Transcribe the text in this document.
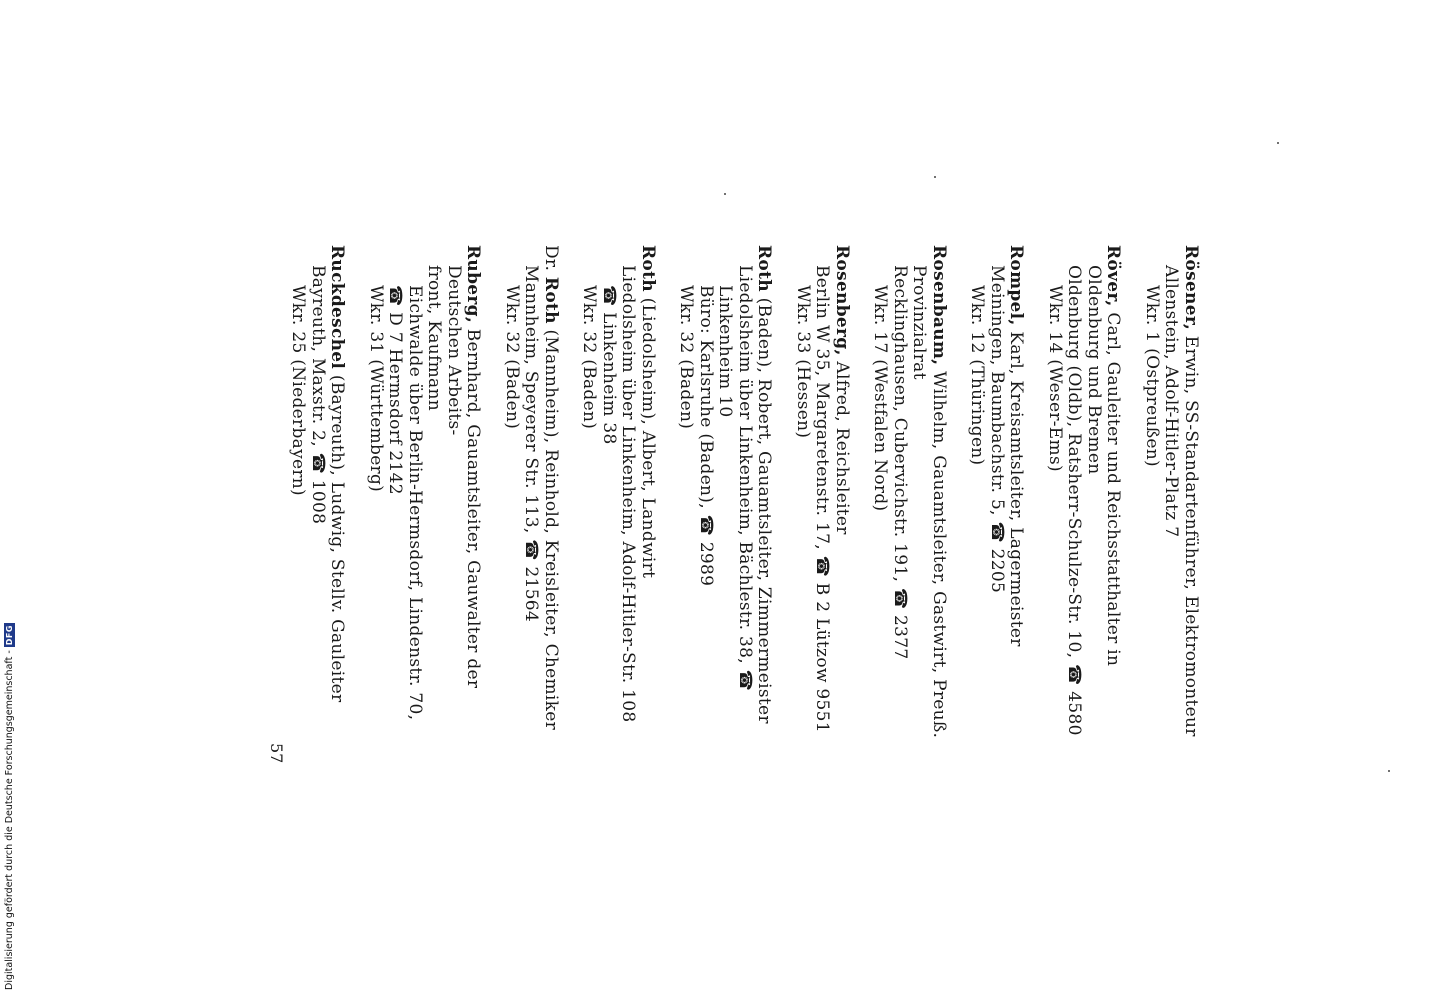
Rösener, Erwin, SS-Standartenführer, Elektromonteur
Allenstein, Adolf-Hitler-Platz 7
Wkr. 1 (Ostpreußen)
Röver, Carl, Gauleiter und Reichsstatthalter in Oldenburg und Bremen
Oldenburg (Oldb), Ratsherr-Schulze-Str. 10, ☎ 4580
Wkr. 14 (Weser-Ems)
Rompel, Karl, Kreisamtsleiter, Lagermeister
Meiningen, Baumbachstr. 5, ☎ 2205
Wkr. 12 (Thüringen)
Rosenbaum, Wilhelm, Gauamtsleiter, Gastwirt, Preuß. Provinzialrat
Recklinghausen, Cubervichstr. 191, ☎ 2377
Wkr. 17 (Westfalen Nord)
Rosenberg, Alfred, Reichsleiter
Berlin W 35, Margaretenstr. 17, ☎ B 2 Lützow 9551
Wkr. 33 (Hessen)
Roth (Baden), Robert, Gauamtsleiter, Zimmermeister
Liedolsheim über Linkenheim, Bächlestr. 38, ☎ Linkenheim 10
Büro: Karlsruhe (Baden), ☎ 2989
Wkr. 32 (Baden)
Roth (Liedolsheim), Albert, Landwirt
Liedolsheim über Linkenheim, Adolf-Hitler-Str. 108
☎ Linkenheim 38
Wkr. 32 (Baden)
Dr. Roth (Mannheim), Reinhold, Kreisleiter, Chemiker
Mannheim, Speyerer Str. 113, ☎ 21564
Wkr. 32 (Baden)
Ruberg, Bernhard, Gauamtsleiter, Gauwalter der Deutschen Arbeits-
front, Kaufmann
Eichwalde über Berlin-Hermsdorf, Lindenstr. 70,
☎ D 7 Hermsdorf 2142
Wkr. 31 (Württemberg)
Ruckdeschel (Bayreuth), Ludwig, Stellv. Gauleiter
Bayreuth, Maxstr. 2, ☎ 1008
Wkr. 25 (Niederbayern)
57
Digitalisierung gefördert durch die Deutsche Forschungsgemeinschaft -
DFG
